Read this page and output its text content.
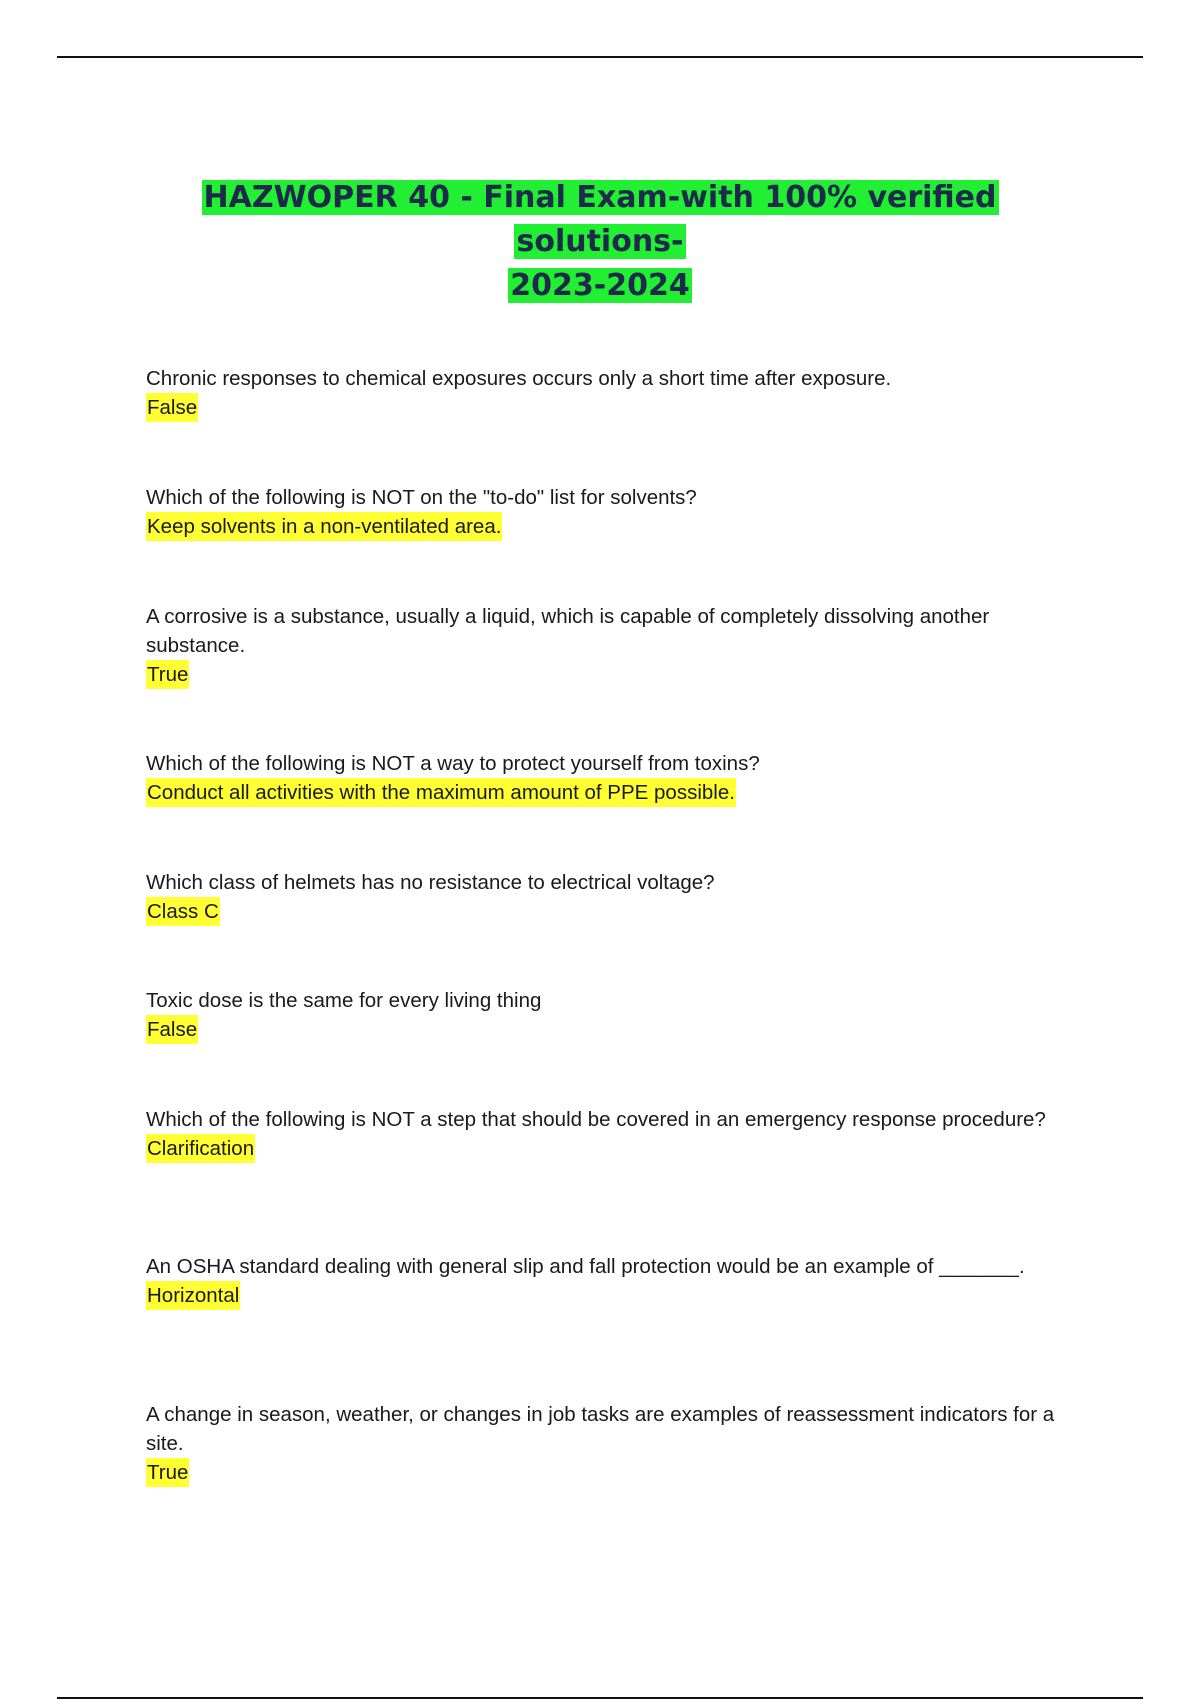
HAZWOPER 40 - Final Exam-with 100% verified solutions-
2023-2024
Chronic responses to chemical exposures occurs only a short time after exposure.
False
Which of the following is NOT on the "to-do" list for solvents?
Keep solvents in a non-ventilated area.
A corrosive is a substance, usually a liquid, which is capable of completely dissolving another substance.
True
Which of the following is NOT a way to protect yourself from toxins?
Conduct all activities with the maximum amount of PPE possible.
Which class of helmets has no resistance to electrical voltage?
Class C
Toxic dose is the same for every living thing
False
Which of the following is NOT a step that should be covered in an emergency response procedure?
Clarification
An OSHA standard dealing with general slip and fall protection would be an example of _______.
Horizontal
A change in season, weather, or changes in job tasks are examples of reassessment indicators for a site.
True
